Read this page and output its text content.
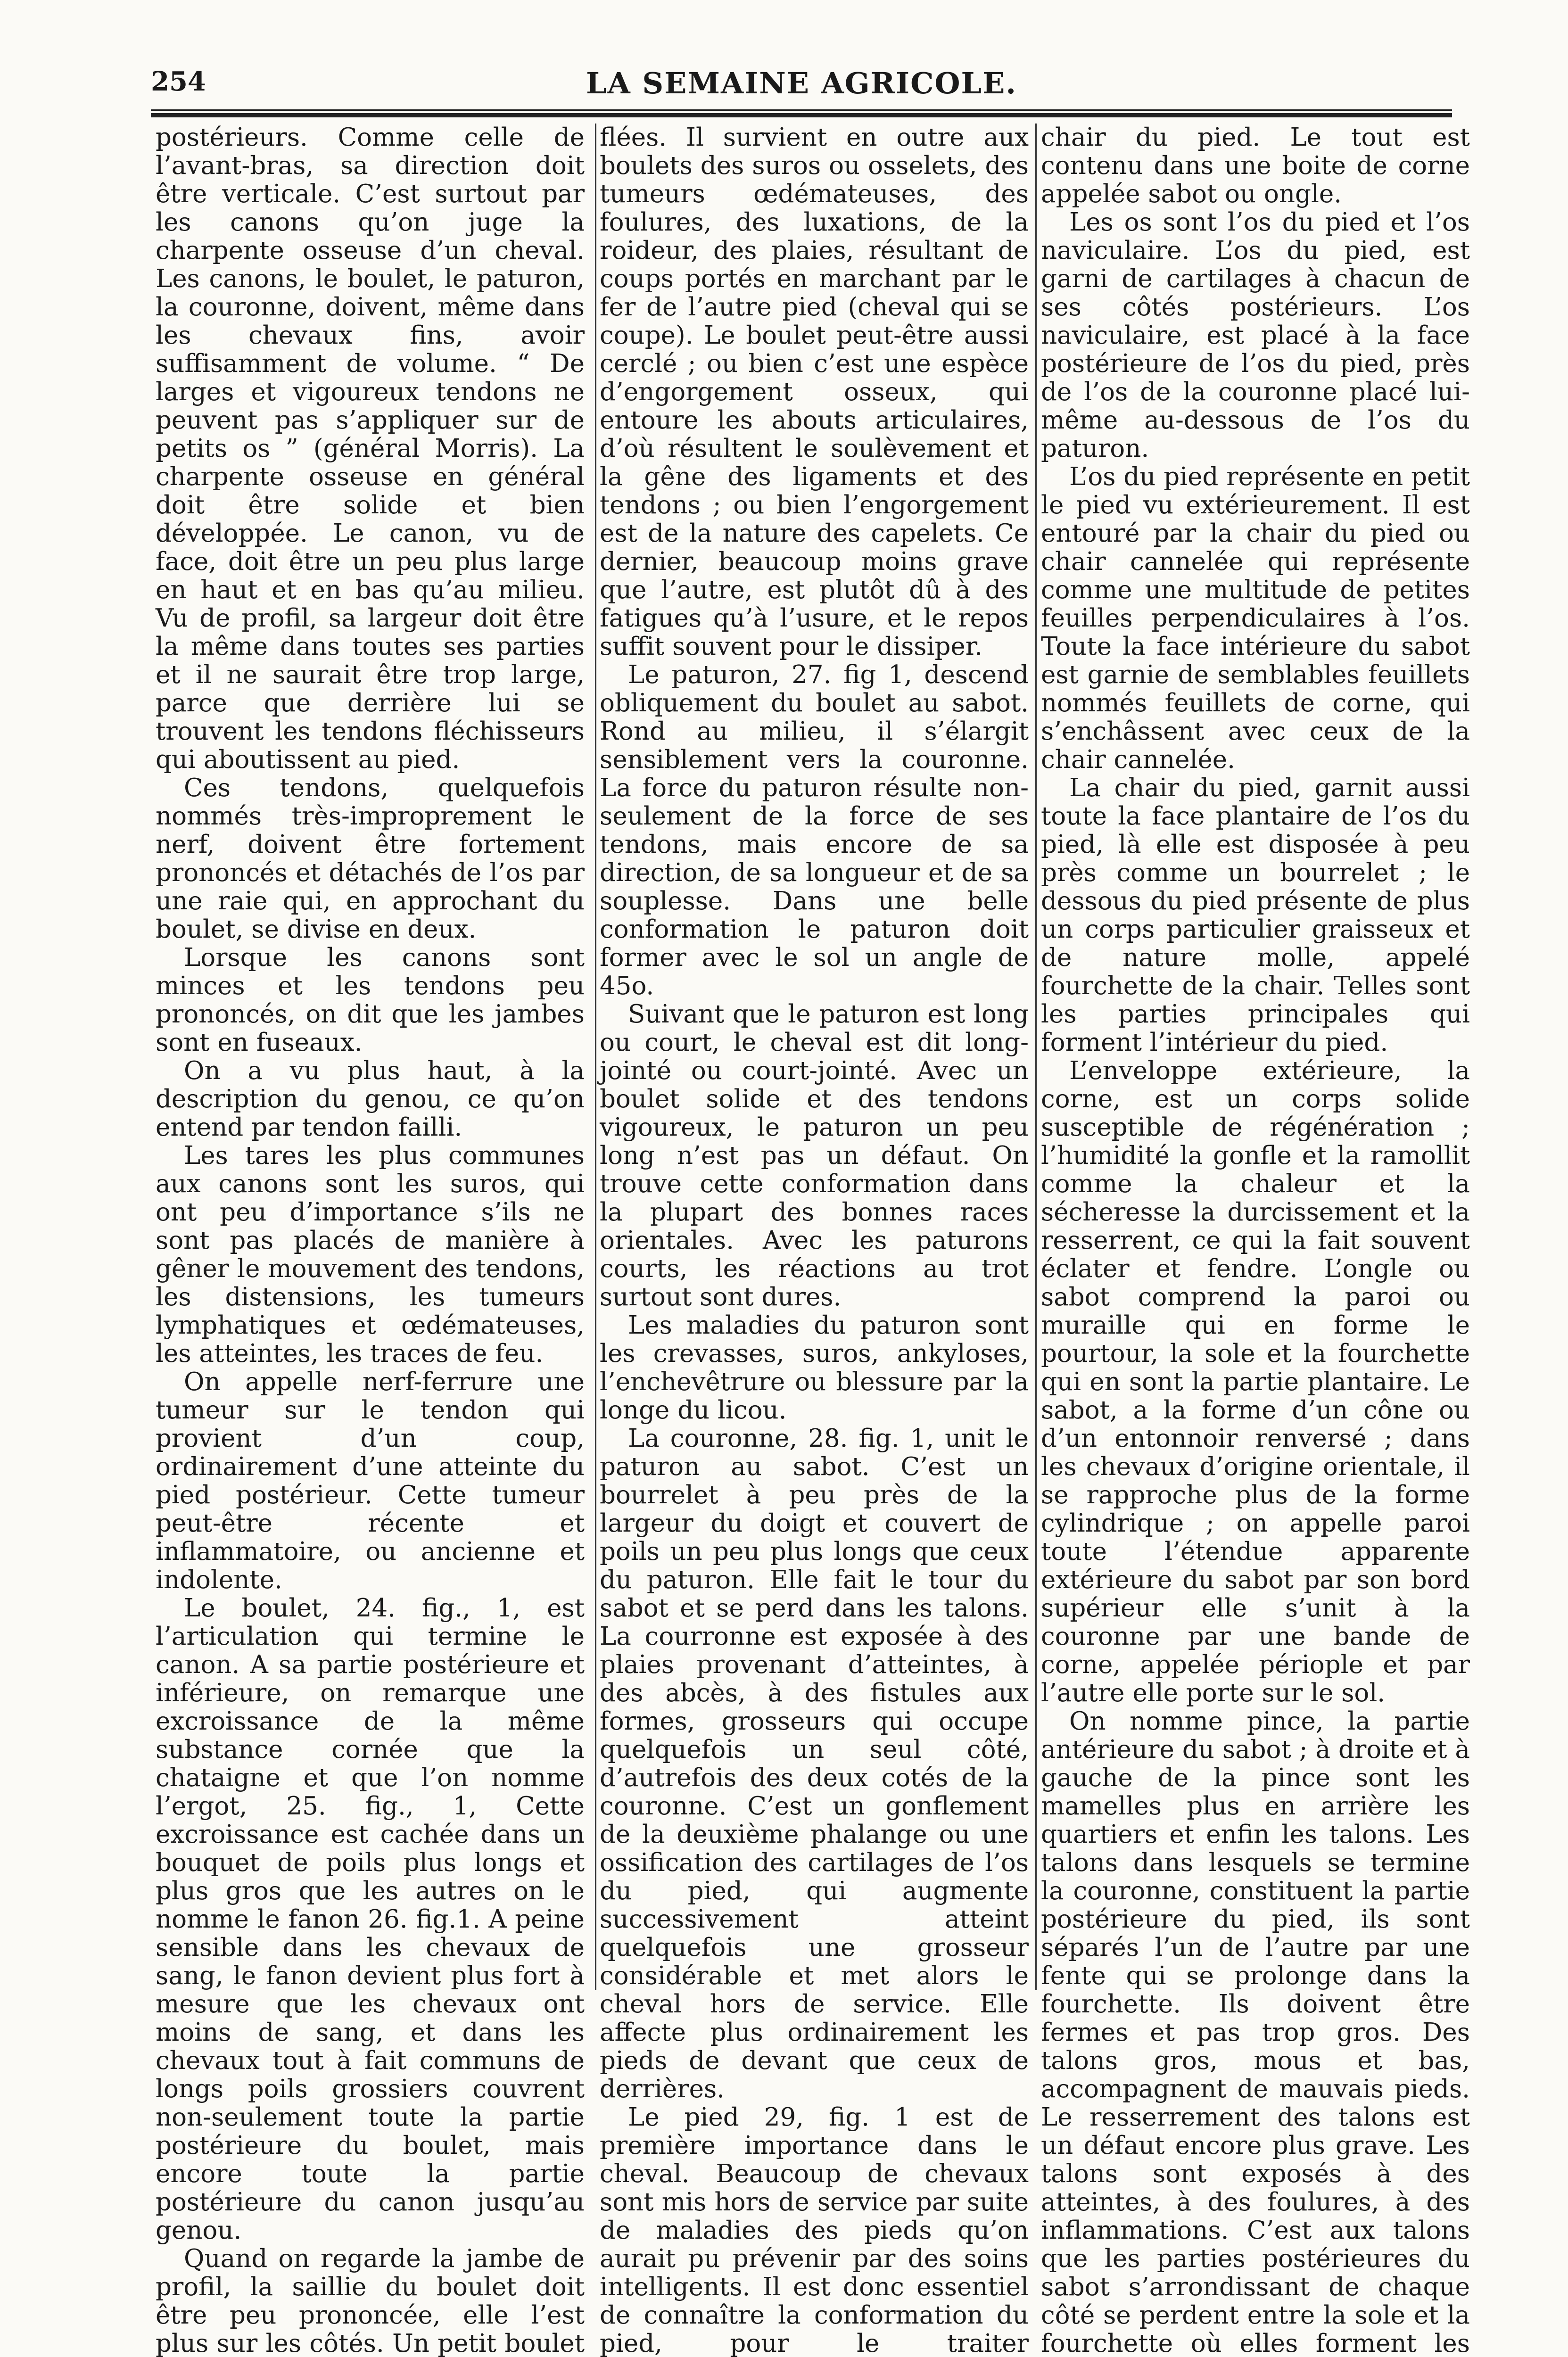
254	LA SEMAINE AGRICOLE.

postérieurs. Comme celle de l’avant-bras, sa direction doit être verticale. C’est surtout par les canons qu’on juge la charpente osseuse d’un cheval. Les canons, le boulet, le paturon, la couronne, doivent, même dans les chevaux fins, avoir suffisamment de volume. “ De larges et vigoureux tendons ne peuvent pas s’appliquer sur de petits os ” (général Morris). La charpente osseuse en général doit être solide et bien développée. Le canon, vu de face, doit être un peu plus large en haut et en bas qu’au milieu. Vu de profil, sa largeur doit être la même dans toutes ses parties et il ne saurait être trop large, parce que derrière lui se trouvent les tendons fléchisseurs qui aboutissent au pied.

Ces tendons, quelquefois nommés très-improprement le nerf, doivent être fortement prononcés et détachés de l’os par une raie qui, en approchant du boulet, se divise en deux.

Lorsque les canons sont minces et les tendons peu prononcés, on dit que les jambes sont en fuseaux.

On a vu plus haut, à la description du genou, ce qu’on entend par tendon failli.

Les tares les plus communes aux canons sont les suros, qui ont peu d’importance s’ils ne sont pas placés de manière à gêner le mouvement des tendons, les distensions, les tumeurs lymphatiques et œdémateuses, les atteintes, les traces de feu.

On appelle nerf-ferrure une tumeur sur le tendon qui provient d’un coup, ordinairement d’une atteinte du pied postérieur. Cette tumeur peut-être récente et inflammatoire, ou ancienne et indolente.

Le boulet, 24. fig., 1, est l’articulation qui termine le canon. A sa partie postérieure et inférieure, on remarque une excroissance de la même substance cornée que la chataigne et que l’on nomme l’ergot, 25. fig., 1, Cette excroissance est cachée dans un bouquet de poils plus longs et plus gros que les autres on le nomme le fanon 26. fig.1. A peine sensible dans les chevaux de sang, le fanon devient plus fort à mesure que les chevaux ont moins de sang, et dans les chevaux tout à fait communs de longs poils grossiers couvrent non-seulement toute la partie postérieure du boulet, mais encore toute la partie postérieure du canon jusqu’au genou.

Quand on regarde la jambe de profil, la saillie du boulet doit être peu prononcée, elle l’est plus sur les côtés. Un petit boulet

flées. Il survient en outre aux boulets des suros ou osselets, des tumeurs œdémateuses, des foulures, des luxations, de la roideur, des plaies, résultant de coups portés en marchant par le fer de l’autre pied (cheval qui se coupe). Le boulet peut-être aussi cerclé ; ou bien c’est une espèce d’engorgement osseux, qui entoure les abouts articulaires, d’où résultent le soulèvement et la gêne des ligaments et des tendons ; ou bien l’engorgement est de la nature des capelets. Ce dernier, beaucoup moins grave que l’autre, est plutôt dû à des fatigues qu’à l’usure, et le repos suffit souvent pour le dissiper.

Le paturon, 27. fig 1, descend obliquement du boulet au sabot. Rond au milieu, il s’élargit sensiblement vers la couronne. La force du paturon résulte non-seulement de la force de ses tendons, mais encore de sa direction, de sa longueur et de sa souplesse. Dans une belle conformation le paturon doit former avec le sol un angle de 45o.

Suivant que le paturon est long ou court, le cheval est dit long-jointé ou court-jointé. Avec un boulet solide et des tendons vigoureux, le paturon un peu long n’est pas un défaut. On trouve cette conformation dans la plupart des bonnes races orientales. Avec les paturons courts, les réactions au trot surtout sont dures.

Les maladies du paturon sont les crevasses, suros, ankyloses, l’enchevêtrure ou blessure par la longe du licou.

La couronne, 28. fig. 1, unit le paturon au sabot. C’est un bourrelet à peu près de la largeur du doigt et couvert de poils un peu plus longs que ceux du paturon. Elle fait le tour du sabot et se perd dans les talons. La courronne est exposée à des plaies provenant d’atteintes, à des abcès, à des fistules aux formes, grosseurs qui occupe quelquefois un seul côté, d’autrefois des deux cotés de la couronne. C’est un gonflement de la deuxième phalange ou une ossification des cartilages de l’os du pied, qui augmente successivement atteint quelquefois une grosseur considérable et met alors le cheval hors de service. Elle affecte plus ordinairement les pieds de devant que ceux de derrières.

Le pied 29, fig. 1 est de première importance dans le cheval. Beaucoup de chevaux sont mis hors de service par suite de maladies des pieds qu’on aurait pu prévenir par des soins intelligents. Il est donc essentiel de connaître la conformation du pied, pour le traiter

chair du pied. Le tout est contenu dans une boite de corne appelée sabot ou ongle.

Les os sont l’os du pied et l’os naviculaire. L’os du pied, est garni de cartilages à chacun de ses côtés postérieurs. L’os naviculaire, est placé à la face postérieure de l’os du pied, près de l’os de la couronne placé lui-même au-dessous de l’os du paturon.

L’os du pied représente en petit le pied vu extérieurement. Il est entouré par la chair du pied ou chair cannelée qui représente comme une multitude de petites feuilles perpendiculaires à l’os. Toute la face intérieure du sabot est garnie de semblables feuillets nommés feuillets de corne, qui s’enchâssent avec ceux de la chair cannelée.

La chair du pied, garnit aussi toute la face plantaire de l’os du pied, là elle est disposée à peu près comme un bourrelet ; le dessous du pied présente de plus un corps particulier graisseux et de nature molle, appelé fourchette de la chair. Telles sont les parties principales qui forment l’intérieur du pied.

L’enveloppe extérieure, la corne, est un corps solide susceptible de régénération ; l’humidité la gonfle et la ramollit comme la chaleur et la sécheresse la durcissement et la resserrent, ce qui la fait souvent éclater et fendre. L’ongle ou sabot comprend la paroi ou muraille qui en forme le pourtour, la sole et la fourchette qui en sont la partie plantaire. Le sabot, a la forme d’un cône ou d’un entonnoir renversé ; dans les chevaux d’origine orientale, il se rapproche plus de la forme cylindrique ; on appelle paroi toute l’étendue apparente extérieure du sabot par son bord supérieur elle s’unit à la couronne par une bande de corne, appelée périople et par l’autre elle porte sur le sol.

On nomme pince, la partie antérieure du sabot ; à droite et à gauche de la pince sont les mamelles plus en arrière les quartiers et enfin les talons. Les talons dans lesquels se termine la couronne, constituent la partie postérieure du pied, ils sont séparés l’un de l’autre par une fente qui se prolonge dans la fourchette. Ils doivent être fermes et pas trop gros. Des talons gros, mous et bas, accompagnent de mauvais pieds. Le resserrement des talons est un défaut encore plus grave. Les talons sont exposés à des atteintes, à des foulures, à des inflammations. C’est aux talons que les parties postérieures du sabot s’arrondissant de chaque côté se perdent entre la sole et la fourchette où elles forment les
